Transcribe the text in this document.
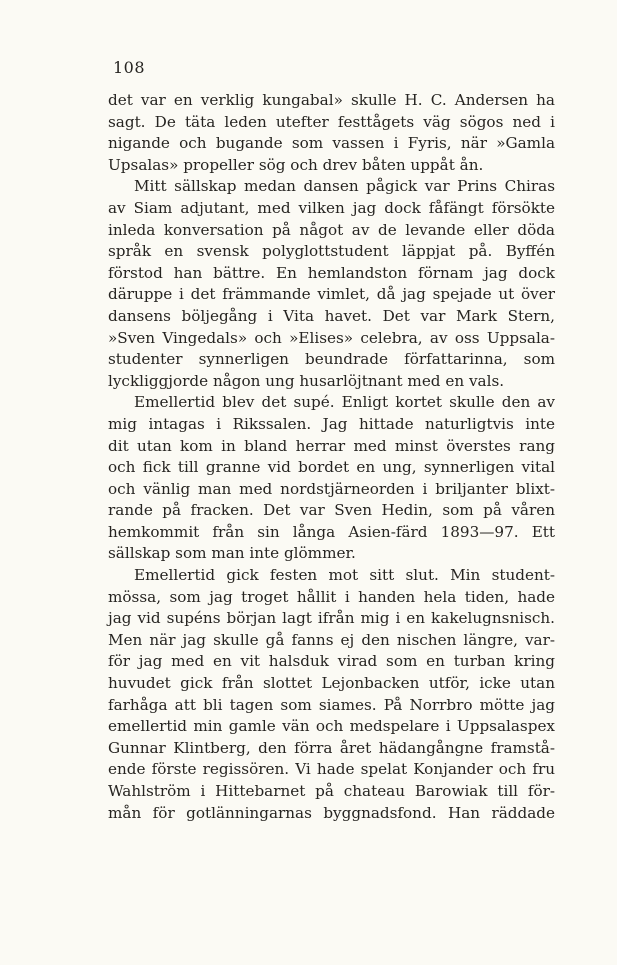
108
det var en verklig kungabal» skulle H. C. Andersen ha
sagt. De täta leden utefter festtågets väg sögos ned i
nigande och bugande som vassen i Fyris, när »Gamla
Upsalas» propeller sög och drev båten uppåt ån.
Mitt sällskap medan dansen pågick var Prins Chiras
av Siam adjutant, med vilken jag dock fåfängt försökte
inleda konversation på något av de levande eller döda
språk en svensk polyglottstudent läppjat på. Byffén
förstod han bättre. En hemlandston förnam jag dock
däruppe i det främmande vimlet, då jag spejade ut över
dansens böljegång i Vita havet. Det var Mark Stern,
»Sven Vingedals» och »Elises» celebra, av oss Uppsala-
studenter synnerligen beundrade författarinna, som
lyckliggjorde någon ung husarlöjtnant med en vals.
Emellertid blev det supé. Enligt kortet skulle den av
mig intagas i Rikssalen. Jag hittade naturligtvis inte
dit utan kom in bland herrar med minst överstes rang
och fick till granne vid bordet en ung, synnerligen vital
och vänlig man med nordstjärneorden i briljanter blixt-
rande på fracken. Det var Sven Hedin, som på våren
hemkommit från sin långa Asien-färd 1893—97. Ett
sällskap som man inte glömmer.
Emellertid gick festen mot sitt slut. Min student-
mössa, som jag troget hållit i handen hela tiden, hade
jag vid supéns början lagt ifrån mig i en kakelugnsnisch.
Men när jag skulle gå fanns ej den nischen längre, var-
för jag med en vit halsduk virad som en turban kring
huvudet gick från slottet Lejonbacken utför, icke utan
farhåga att bli tagen som siames. På Norrbro mötte jag
emellertid min gamle vän och medspelare i Uppsalaspex
Gunnar Klintberg, den förra året hädangångne framstå-
ende förste regissören. Vi hade spelat Konjander och fru
Wahlström i Hittebarnet på chateau Barowiak till för-
mån för gotlänningarnas byggnadsfond. Han räddade
